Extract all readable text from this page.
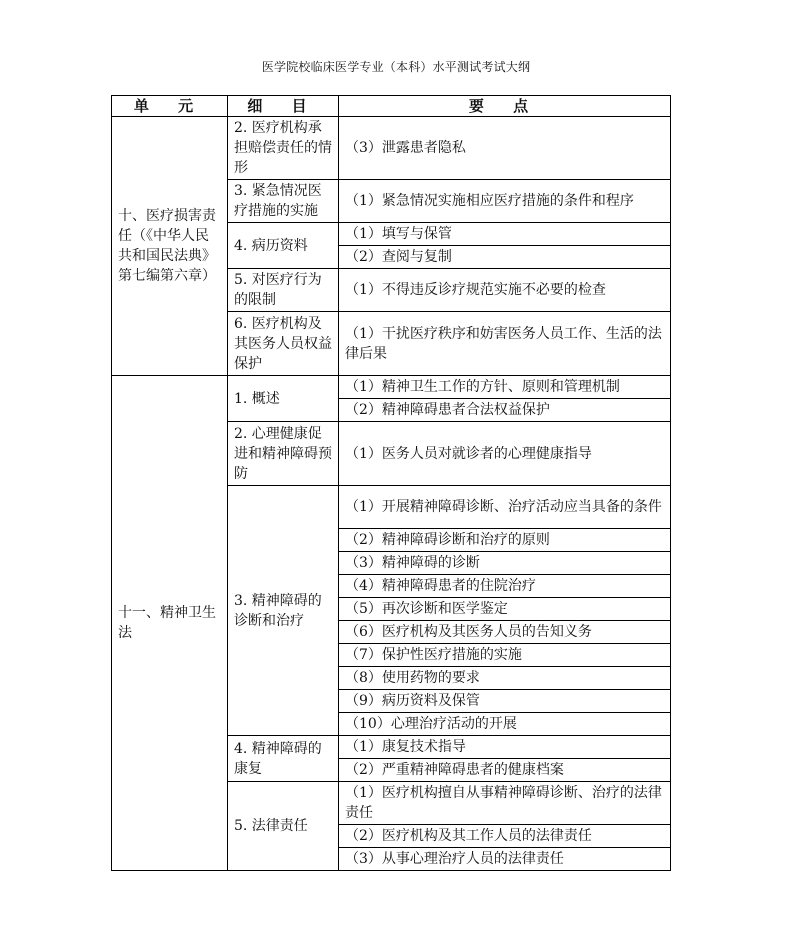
医学院校临床医学专业（本科）水平测试考试大纲
单 元	细 目	要 点
十、医疗损害责任（《中华人民共和国民法典》第七编第六章）	2. 医疗机构承担赔偿责任的情形	（3）泄露患者隐私
	3. 紧急情况医疗措施的实施	（1）紧急情况实施相应医疗措施的条件和程序
	4. 病历资料	（1）填写与保管
		（2）查阅与复制
	5. 对医疗行为的限制	（1）不得违反诊疗规范实施不必要的检查
	6. 医疗机构及其医务人员权益保护	（1）干扰医疗秩序和妨害医务人员工作、生活的法律后果
十一、精神卫生法	1. 概述	（1）精神卫生工作的方针、原则和管理机制
		（2）精神障碍患者合法权益保护
	2. 心理健康促进和精神障碍预防	（1）医务人员对就诊者的心理健康指导
	3. 精神障碍的诊断和治疗	（1）开展精神障碍诊断、治疗活动应当具备的条件
		（2）精神障碍诊断和治疗的原则
		（3）精神障碍的诊断
		（4）精神障碍患者的住院治疗
		（5）再次诊断和医学鉴定
		（6）医疗机构及其医务人员的告知义务
		（7）保护性医疗措施的实施
		（8）使用药物的要求
		（9）病历资料及保管
		（10）心理治疗活动的开展
	4. 精神障碍的康复	（1）康复技术指导
		（2）严重精神障碍患者的健康档案
	5. 法律责任	（1）医疗机构擅自从事精神障碍诊断、治疗的法律责任
		（2）医疗机构及其工作人员的法律责任
		（3）从事心理治疗人员的法律责任
